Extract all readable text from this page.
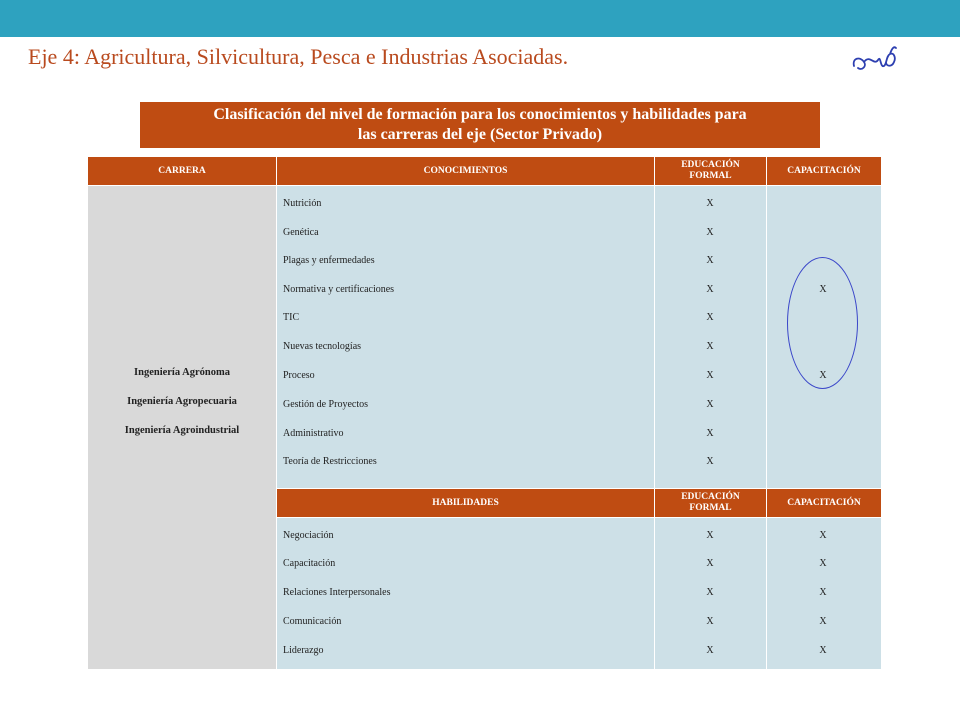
Eje 4: Agricultura, Silvicultura, Pesca e Industrias Asociadas.
Clasificación del nivel de formación para los conocimientos y habilidades para
las carreras del eje (Sector Privado)
CARRERA	CONOCIMIENTOS
EDUCACIÓN FORMAL
CAPACITACIÓN
Ingeniería Agrónoma
Ingeniería Agropecuaria
Ingeniería Agroindustrial
Nutrición
Genética
Plagas y enfermedades
Normativa y certificaciones
TIC
Nuevas tecnologías
Proceso
Gestión de Proyectos
Administrativo
Teoría de Restricciones
X
X
X
X
X
X
X
X
X
X
X
X
HABILIDADES
EDUCACIÓN FORMAL
CAPACITACIÓN
Negociación
Capacitación
Relaciones Interpersonales
Comunicación
Liderazgo
X
X
X
X
X
X
X
X
X
X
